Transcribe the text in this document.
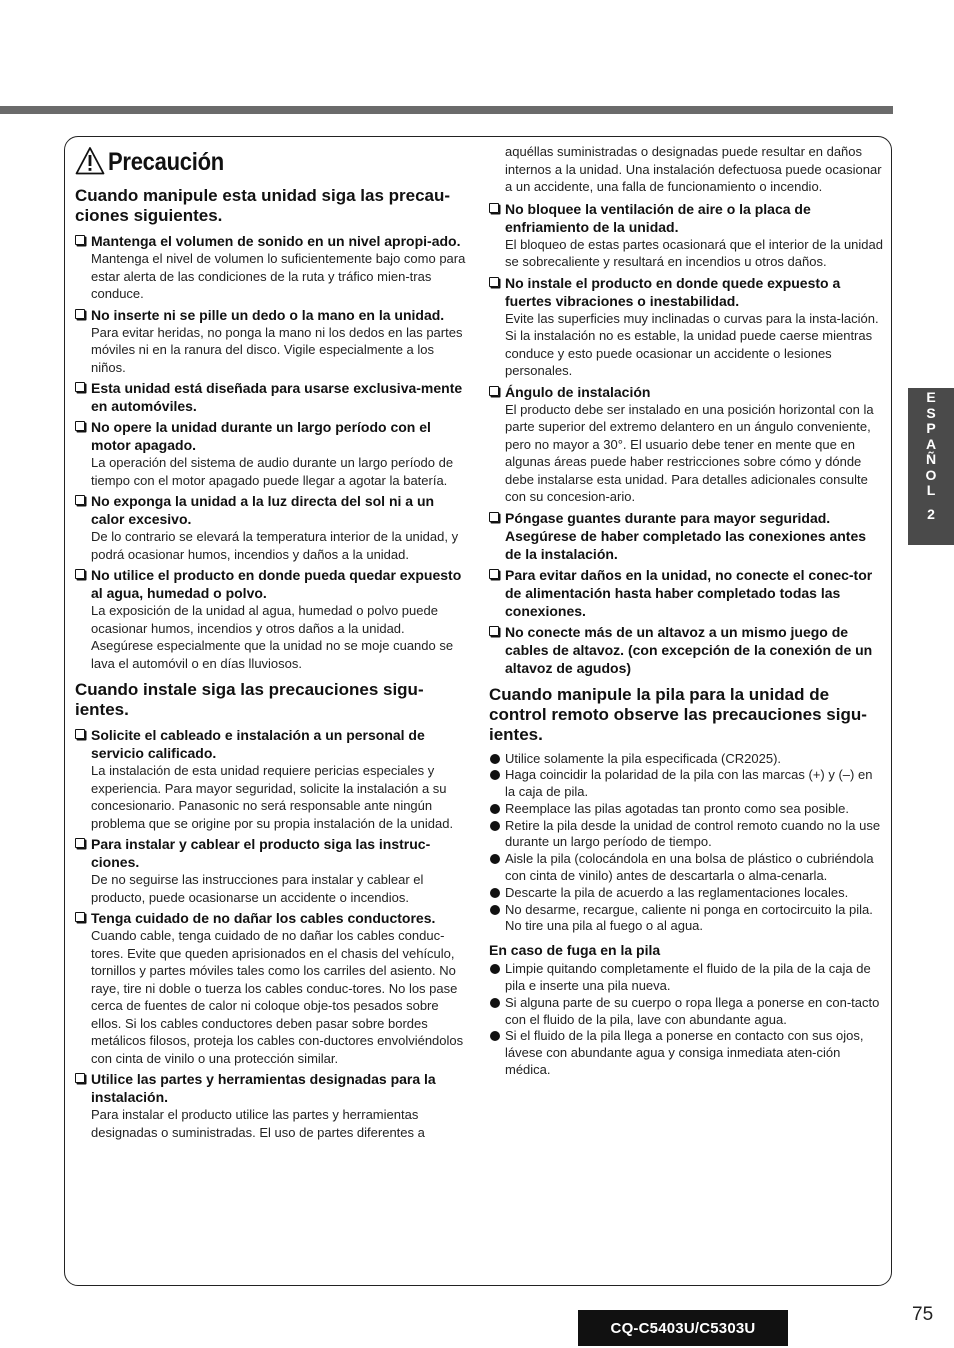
Precaución
Cuando manipule esta unidad siga las precau-ciones siguientes.
Mantenga el volumen de sonido en un nivel apropi-ado.
Mantenga el nivel de volumen lo suficientemente bajo como para estar alerta de las condiciones de la ruta y tráfico mien-tras conduce.
No inserte ni se pille un dedo o la mano en la unidad.
Para evitar heridas, no ponga la mano ni los dedos en las partes móviles ni en la ranura del disco. Vigile especialmente a los niños.
Esta unidad está diseñada para usarse exclusiva-mente en automóviles.
No opere la unidad durante un largo período con el motor apagado.
La operación del sistema de audio durante un largo período de tiempo con el motor apagado puede llegar a agotar la batería.
No exponga la unidad a la luz directa del sol ni a un calor excesivo.
De lo contrario se elevará la temperatura interior de la unidad, y podrá ocasionar humos, incendios y daños a la unidad.
No utilice el producto en donde pueda quedar expuesto al agua, humedad o polvo.
La exposición de la unidad al agua, humedad o polvo puede ocasionar humos, incendios y otros daños a la unidad. Asegúrese especialmente que la unidad no se moje cuando se lava el automóvil o en días lluviosos.
Cuando instale siga las precauciones sigu-ientes.
Solicite el cableado e instalación a un personal de servicio calificado.
La instalación de esta unidad requiere pericias especiales y experiencia. Para mayor seguridad, solicite la instalación a su concesionario. Panasonic no será responsable ante ningún problema que se origine por su propia instalación de la unidad.
Para instalar y cablear el producto siga las instruc-ciones.
De no seguirse las instrucciones para instalar y cablear el producto, puede ocasionarse un accidente o incendios.
Tenga cuidado de no dañar los cables conductores.
Cuando cable, tenga cuidado de no dañar los cables conduc-tores. Evite que queden aprisionados en el chasis del vehículo, tornillos y partes móviles tales como los carriles del asiento. No raye, tire ni doble o tuerza los cables conduc-tores. No los pase cerca de fuentes de calor ni coloque obje-tos pesados sobre ellos. Si los cables conductores deben pasar sobre bordes metálicos filosos, proteja los cables con-ductores envolviéndolos con cinta de vinilo o una protección similar.
Utilice las partes y herramientas designadas para la instalación.
Para instalar el producto utilice las partes y herramientas designadas o suministradas. El uso de partes diferentes a
aquéllas suministradas o designadas puede resultar en daños internos a la unidad. Una instalación defectuosa puede ocasionar a un accidente, una falla de funcionamiento o incendio.
No bloquee la ventilación de aire o la placa de enfriamiento de la unidad.
El bloqueo de estas partes ocasionará que el interior de la unidad se sobrecaliente y resultará en incendios u otros daños.
No instale el producto en donde quede expuesto a fuertes vibraciones o inestabilidad.
Evite las superficies muy inclinadas o curvas para la insta-lación. Si la instalación no es estable, la unidad puede caerse mientras conduce y esto puede ocasionar un accidente o lesiones personales.
Ángulo de instalación
El producto debe ser instalado en una posición horizontal con la parte superior del extremo delantero en un ángulo conveniente, pero no mayor a 30°. El usuario debe tener en mente que en algunas áreas puede haber restricciones sobre cómo y dónde debe instalarse esta unidad. Para detalles adicionales consulte con su concesion-ario.
Póngase guantes durante para mayor seguridad. Asegúrese de haber completado las conexiones antes de la instalación.
Para evitar daños en la unidad, no conecte el conec-tor de alimentación hasta haber completado todas las conexiones.
No conecte más de un altavoz a un mismo juego de cables de altavoz. (con excepción de la conexión de un altavoz de agudos)
Cuando manipule la pila para la unidad de control remoto observe las precauciones sigu-ientes.
Utilice solamente la pila especificada (CR2025).
Haga coincidir la polaridad de la pila con las marcas (+) y (–) en la caja de pila.
Reemplace las pilas agotadas tan pronto como sea posible.
Retire la pila desde la unidad de control remoto cuando no la use durante un largo período de tiempo.
Aisle la pila (colocándola en una bolsa de plástico o cubriéndola con cinta de vinilo) antes de descartarla o alma-cenarla.
Descarte la pila de acuerdo a las reglamentaciones locales.
No desarme, recargue, caliente ni ponga en cortocircuito la pila. No tire una pila al fuego o al agua.
En caso de fuga en la pila
Limpie quitando completamente el fluido de la pila de la caja de pila e inserte una pila nueva.
Si alguna parte de su cuerpo o ropa llega a ponerse en con-tacto con el fluido de la pila, lave con abundante agua.
Si el fluido de la pila llega a ponerse en contacto con sus ojos, lávese con abundante agua y consiga inmediata aten-ción médica.
E
S
P
A
Ñ
O
L
2
75
CQ-C5403U/C5303U
